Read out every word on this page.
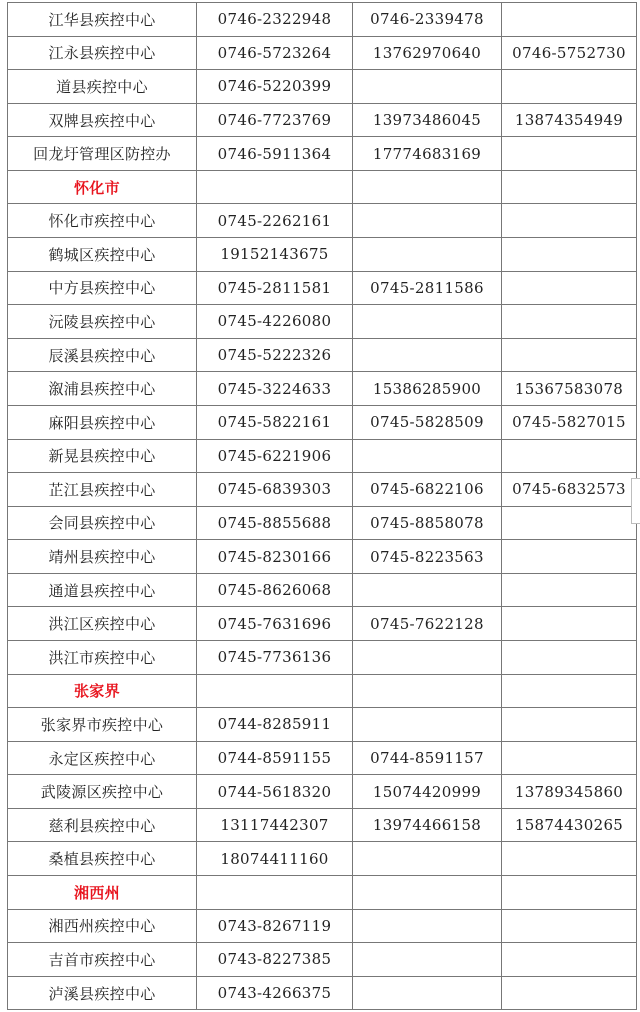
江华县疾控中心	0746-2322948	0746-2339478	
江永县疾控中心	0746-5723264	13762970640	0746-5752730
道县疾控中心	0746-5220399		
双牌县疾控中心	0746-7723769	13973486045	13874354949
回龙圩管理区防控办	0746-5911364	17774683169	
怀化市			
怀化市疾控中心	0745-2262161		
鹤城区疾控中心	19152143675		
中方县疾控中心	0745-2811581	0745-2811586	
沅陵县疾控中心	0745-4226080		
辰溪县疾控中心	0745-5222326		
溆浦县疾控中心	0745-3224633	15386285900	15367583078
麻阳县疾控中心	0745-5822161	0745-5828509	0745-5827015
新晃县疾控中心	0745-6221906		
芷江县疾控中心	0745-6839303	0745-6822106	0745-6832573
会同县疾控中心	0745-8855688	0745-8858078	
靖州县疾控中心	0745-8230166	0745-8223563	
通道县疾控中心	0745-8626068		
洪江区疾控中心	0745-7631696	0745-7622128	
洪江市疾控中心	0745-7736136		
张家界			
张家界市疾控中心	0744-8285911		
永定区疾控中心	0744-8591155	0744-8591157	
武陵源区疾控中心	0744-5618320	15074420999	13789345860
慈利县疾控中心	13117442307	13974466158	15874430265
桑植县疾控中心	18074411160		
湘西州			
湘西州疾控中心	0743-8267119		
吉首市疾控中心	0743-8227385		
泸溪县疾控中心	0743-4266375		
